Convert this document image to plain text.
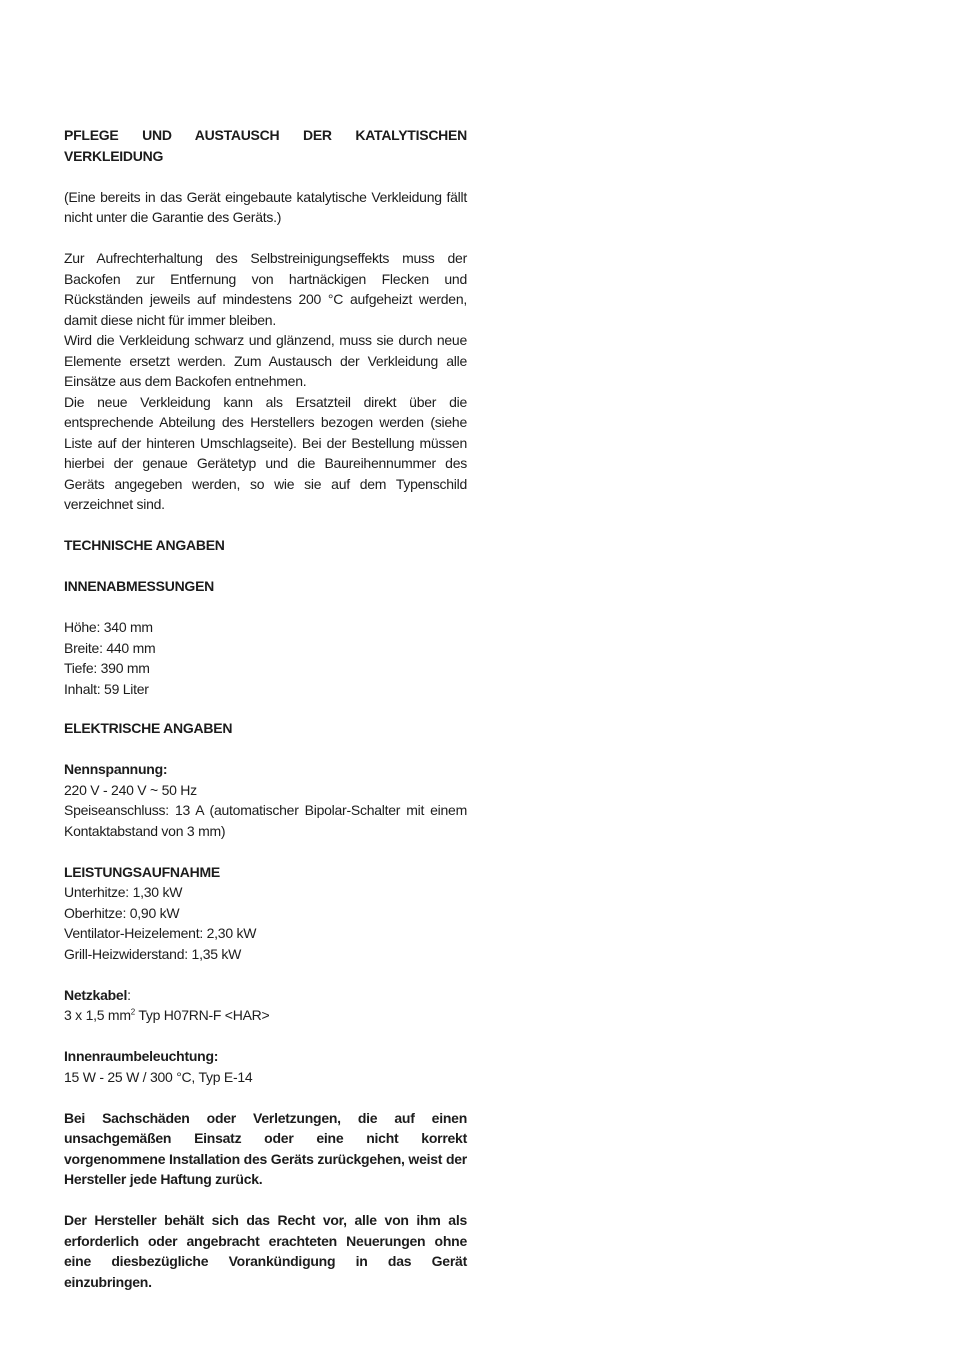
PFLEGE UND AUSTAUSCH DER KATALYTISCHEN VERKLEIDUNG

(Eine bereits in das Gerät eingebaute katalytische Verkleidung fällt nicht unter die Garantie des Geräts.)

Zur Aufrechterhaltung des Selbstreinigungseffekts muss der Backofen zur Entfernung von hartnäckigen Flecken und Rückständen jeweils auf mindestens 200 °C aufgeheizt werden, damit diese nicht für immer bleiben.

Wird die Verkleidung schwarz und glänzend, muss sie durch neue Elemente ersetzt werden. Zum Austausch der Verkleidung alle Einsätze aus dem Backofen entnehmen.

Die neue Verkleidung kann als Ersatzteil direkt über die entsprechende Abteilung des Herstellers bezogen werden (siehe Liste auf der hinteren Umschlagseite). Bei der Bestellung müssen hierbei der genaue Gerätetyp und die Baureihennummer des Geräts angegeben werden, so wie sie auf dem Typenschild verzeichnet sind.

TECHNISCHE ANGABEN

INNENABMESSUNGEN

Höhe: 340 mm

Breite: 440 mm

Tiefe: 390 mm

Inhalt: 59 Liter

ELEKTRISCHE ANGABEN

Nennspannung:

220 V - 240 V ~ 50 Hz

Speiseanschluss: 13 A (automatischer Bipolar-Schalter mit einem Kontaktabstand von 3 mm)

LEISTUNGSAUFNAHME

Unterhitze: 1,30 kW

Oberhitze: 0,90 kW

Ventilator-Heizelement: 2,30 kW

Grill-Heizwiderstand: 1,35 kW

Netzkabel:

3 x 1,5 $mm^2$ Typ H07RN-F <HAR>

Innenraumbeleuchtung:

15 W - 25 W / 300 °C, Typ E-14

Bei Sachschäden oder Verletzungen, die auf einen unsachgemäßen Einsatz oder eine nicht korrekt vorgenommene Installation des Geräts zurückgehen, weist der Hersteller jede Haftung zurück.

Der Hersteller behält sich das Recht vor, alle von ihm als erforderlich oder angebracht erachteten Neuerungen ohne eine diesbezügliche Vorankündigung in das Gerät einzubringen.
